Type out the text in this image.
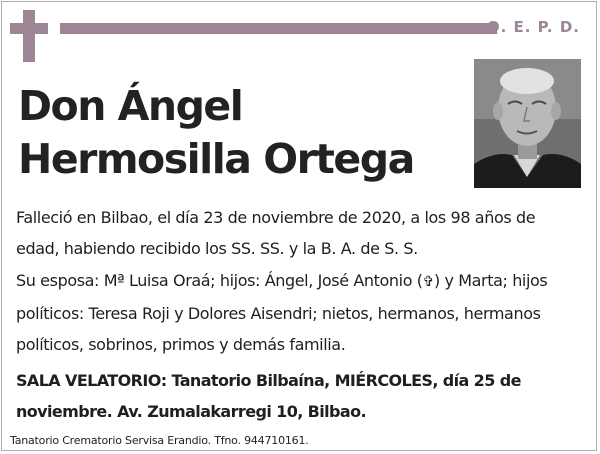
Q. E. P. D.
Don Ángel
Hermosilla Ortega
Falleció en Bilbao, el día 23 de noviembre de 2020, a los 98 años de edad, habiendo recibido los SS. SS. y la B. A. de S. S.
Su esposa: Mª Luisa Oraá; hijos: Ángel, José Antonio (✞) y Marta; hijos políticos: Teresa Roji y Dolores Aisendri; nietos, hermanos, hermanos políticos, sobrinos, primos y demás familia.
SALA VELATORIO: Tanatorio Bilbaína, MIÉRCOLES, día 25 de noviembre. Av. Zumalakarregi 10, Bilbao.
Tanatorio Crematorio Servisa Erandio. Tfno. 944710161.
